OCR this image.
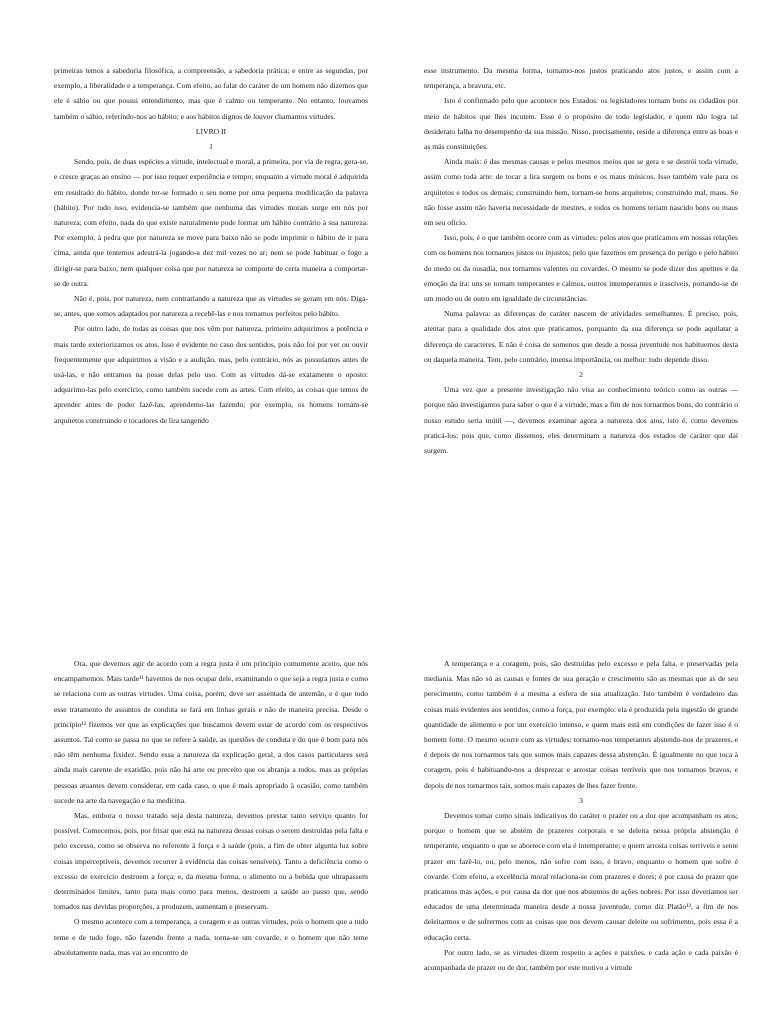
primeiras temos a sabedoria filosófica, a compreensão, a sabedoria prática; e entre as segundas, por exemplo, a liberalidade e a temperança. Com efeito, ao falar do caráter de um homem não dizemos que ele é sábio ou que possui entendimento, mas que é calmo ou temperante. No entanto, louvamos também o sábio, referindo-nos ao hábito; e aos hábitos dignos de louvor chamamos virtudes.

LIVRO II

1

Sendo, pois, de duas espécies a virtude, intelectual e moral, a primeira, por via de regra, gera-se, e cresce graças ao ensino — por isso requer experiência e tempo; enquanto a virtude moral é adquirida em resultado do hábito, donde ter-se formado o seu nome por uma pequena modificação da palavra (hábito). Por tudo isso, evidencia-se também que nenhuma das virtudes morais surge em nós por natureza; com efeito, nada do que existe naturalmente pode formar um hábito contrário à sua natureza. Por exemplo, à pedra que por natureza se move para baixo não se pode imprimir o hábito de ir para cima, ainda que tentemos adestrá-la jogando-a dez mil vezes no ar; nem se pode habituar o fogo a dirigir-se para baixo, nem qualquer coisa que por natureza se comporte de certa maneira a comportar-se de outra.

Não é, pois, por natureza, nem contrariando a natureza que as virtudes se geram em nós. Diga-se, antes, que somos adaptados por natureza a recebê-las e nos tornamos perfeitos pelo hábito.

Por outro lado, de todas as coisas que nos vêm por natureza, primeiro adquirimos a potência e mais tarde exteriorizamos os atos. Isso é evidente no caso dos sentidos, pois não foi por ver ou ouvir frequentemente que adquirimos a visão e a audição, mas, pelo contrário, nós as possuíamos antes de usá-las, e não entramos na posse delas pelo uso. Com as virtudes dá-se exatamente o oposto: adquirimo-las pelo exercício, como também sucede com as artes. Com efeito, as coisas que temos de aprender antes de poder fazê-las, aprendemo-las fazendo; por exemplo, os homens tornam-se arquitetos construindo e tocadores de lira tangendo

esse instrumento. Da mesma forma, tornamo-nos justos praticando atos justos, e assim com a temperança, a bravura, etc.

Isto é confirmado pelo que acontece nos Estados: os legisladores tornam bons os cidadãos por meio de hábitos que lhes incutem. Esse é o propósito de todo legislador, e quem não logra tal desiderato falha no desempenho da sua missão. Nisso, precisamente, reside a diferença entre as boas e as más constituições.

Ainda mais: é das mesmas causas e pelos mesmos meios que se gera e se destrói toda virtude, assim como toda arte: de tocar a lira surgem os bons e os maus músicos. Isso também vale para os arquitetos e todos os demais; construindo bem, tornam-se bons arquitetos; construindo mal, maus. Se não fosse assim não haveria necessidade de mestres, e todos os homens teriam nascido bons ou maus em seu ofício.

Isso, pois, é o que também ocorre com as virtudes: pelos atos que praticamos em nossas relações com os homens nos tornamos justos ou injustos; pelo que fazemos em presença do perigo e pelo hábito do medo ou da ousadia, nos tornamos valentes ou covardes. O mesmo se pode dizer dos apetites e da emoção da ira: uns se tornam temperantes e calmos, outros intemperantes e irascíveis, portando-se de um modo ou de outro em igualdade de circunstâncias.

Numa palavra: as diferenças de caráter nascem de atividades semelhantes. É preciso, pois, atentar para a qualidade dos atos que praticamos, porquanto da sua diferença se pode aquilatar a diferença de caracteres. E não é coisa de somenos que desde a nossa juventude nos habituemos desta ou daquela maneira. Tem, pelo contrário, imensa importância, ou melhor: tudo depende disso.

2

Uma vez que a presente investigação não visa ao conhecimento teórico como as outras — porque não investigamos para saber o que é a virtude, mas a fim de nos tornarmos bons, do contrário o nosso estudo seria inútil —, devemos examinar agora a natureza dos atos, isto é, como devemos praticá-los; pois que, como dissemos, eles determinam a natureza dos estados de caráter que daí surgem.

Ora, que devemos agir de acordo com a regra justa é um princípio comumente aceito, que nós encampamemos. Mais tarde¹¹ havemos de nos ocupar dele, examinando o que seja a regra justa e como se relaciona com as outras virtudes. Uma coisa, porém, deve ser assentada de antemão, e é que todo esse tratamento de assuntos de conduta se fará em linhas gerais e não de maneira precisa. Desde o princípio¹² fizemos ver que as explicações que buscamos devem estar de acordo com os respectivos assuntos. Tal como se passa no que se refere à saúde, as questões de conduta e do que é bom para nós não têm nenhuma fixidez. Sendo essa a natureza da explicação geral, a dos casos particulares será ainda mais carente de exatidão, pois não há arte ou preceito que os abranja a todos, mas as próprias pessoas atuantes devem considerar, em cada caso, o que é mais apropriado à ocasião, como também sucede na arte da navegação e na medicina.

Mas, embora o nosso tratado seja desta natureza, devemos prestar tanto serviço quanto for possível. Comecemos, pois, por frisar que está na natureza dessas coisas o serem destruídas pela falta e pelo excesso, como se observa no referente à força e à saúde (pois, a fim de obter alguma luz sobre coisas imperceptíveis, devemos recorrer à evidência das coisas sensíveis). Tanto a deficiência como o excesso de exercício destroem a força; e, da mesma forma, o alimento ou a bebida que ultrapassem determinados limites, tanto para mais como para menos, destroem a saúde ao passo que, sendo tomados nas devidas proporções, a produzem, aumentam e preservam.

O mesmo acontece com a temperança, a coragem e as outras virtudes, pois o homem que a tudo teme e de tudo foge, não fazendo frente a nada, torna-se um covarde, e o homem que não teme absolutamente nada, mas vai ao encontro de

A temperança e a coragem, pois, são destruídas pelo excesso e pela falta, e preservadas pela mediania. Mas não só as causas e fontes de sua geração e crescimento são as mesmas que as de seu perecimento, como também é a mesma a esfera de sua atualização. Isto também é verdadeiro das coisas mais evidentes aos sentidos, como a força, por exemplo: ela é produzida pela ingestão de grande quantidade de alimento e por um exercício intenso, e quem mais está em condições de fazer isso é o homem forte. O mesmo ocorre com as virtudes: tornamo-nos temperantes abstendo-nos de prazeres, e é depois de nos tornarmos tais que somos mais capazes dessa abstenção. É igualmente no que toca à coragem, pois é habituando-nos a desprezar e arrostar coisas terríveis que nos tornamos bravos, e depois de nos tornarmos tais, somos mais capazes de lhes fazer frente.

3

Devemos tomar como sinais indicativos do caráter o prazer ou a dor que acompanham os atos; porque o homem que se abstém de prazeres corporais e se deleita nessa própria abstenção é temperante, enquanto o que se aborrece com ela é intemperante; e quem arrosta coisas terríveis e sente prazer em fazê-lo, ou, pelo menos, não sofre com isso, é bravo, enquanto o homem que sofre é covarde. Com efeito, a excelência moral relaciona-se com prazeres e dores; é por causa do prazer que praticamos más ações, e por causa da dor que nos abstemos de ações nobres. Por isso deveríamos ser educados de uma determinada maneira desde a nossa juventude, como diz Platão¹³, a fim de nos deleitarmos e de sofrermos com as coisas que nos devem causar deleite ou sofrimento, pois essa é a educação certa.

Por outro lado, se as virtudes dizem respeito a ações e paixões, e cada ação e cada paixão é acompanhada de prazer ou de dor, também por este motivo a virtude
